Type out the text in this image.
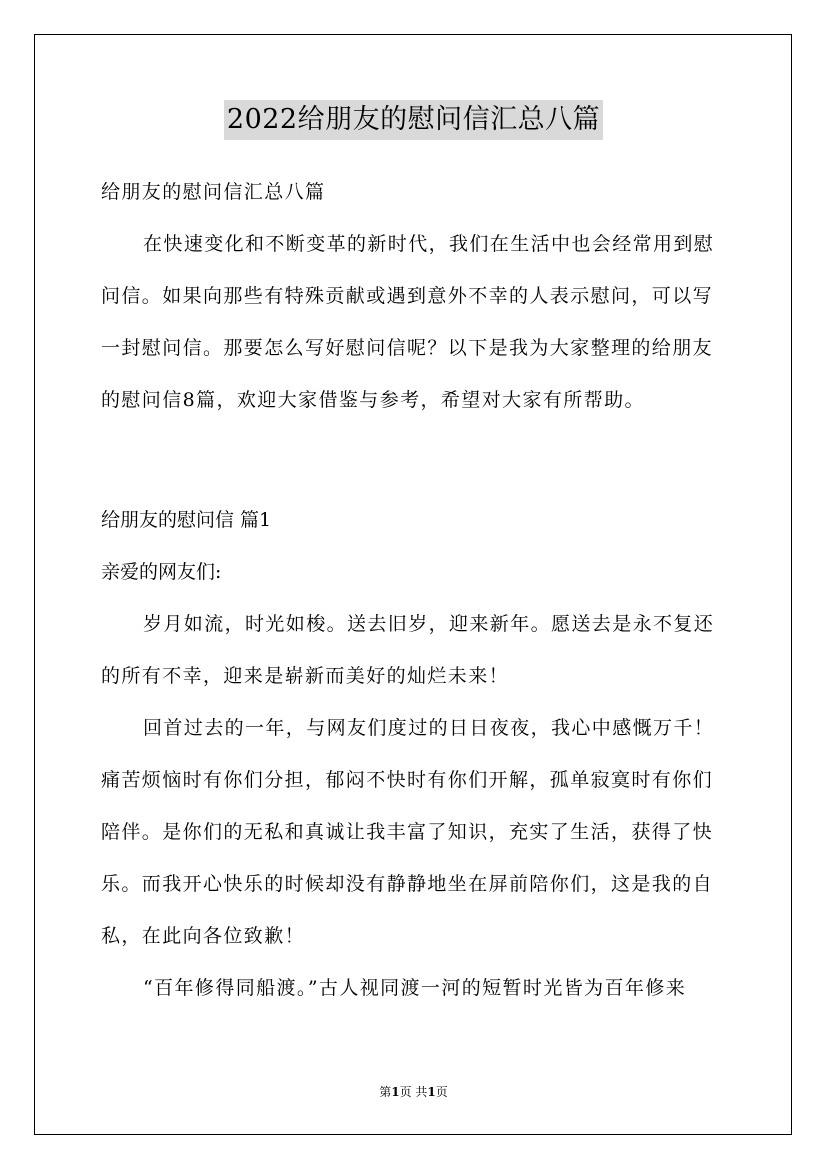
2022给朋友的慰问信汇总八篇
给朋友的慰问信汇总八篇
在快速变化和不断变革的新时代，我们在生活中也会经常用到慰
问信。如果向那些有特殊贡献或遇到意外不幸的人表示慰问，可以写
一封慰问信。那要怎么写好慰问信呢？以下是我为大家整理的给朋友
的慰问信8篇，欢迎大家借鉴与参考，希望对大家有所帮助。
给朋友的慰问信 篇1
亲爱的网友们:
岁月如流，时光如梭。送去旧岁，迎来新年。愿送去是永不复还
的所有不幸，迎来是崭新而美好的灿烂未来！
回首过去的一年，与网友们度过的日日夜夜，我心中感慨万千！
痛苦烦恼时有你们分担，郁闷不快时有你们开解，孤单寂寞时有你们
陪伴。是你们的无私和真诚让我丰富了知识，充实了生活，获得了快
乐。而我开心快乐的时候却没有静静地坐在屏前陪你们，这是我的自
私，在此向各位致歉！
“百年修得同船渡。”古人视同渡一河的短暂时光皆为百年修来
第1页 共1页
